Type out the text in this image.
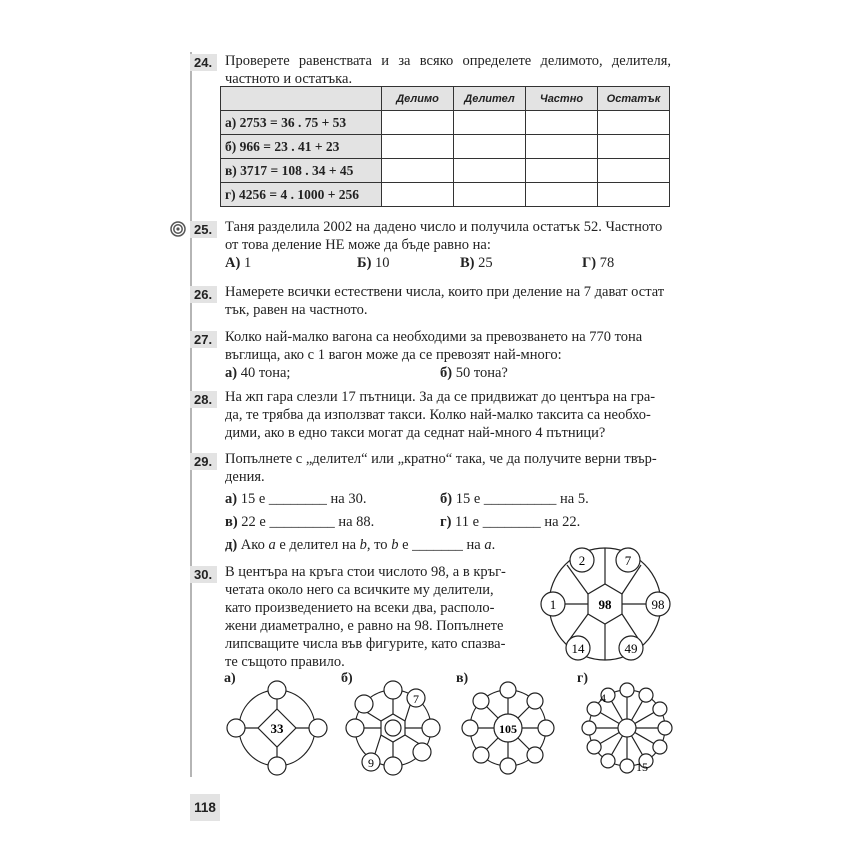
24. Проверете равенствата и за всяко определете делимото, делителя, частното и остатъка.
	Делимо	Делител	Частно	Остатък
а) 2753 = 36 . 75 + 53				
б) 966 = 23 . 41 + 23				
в) 3717 = 108 . 34 + 45				
г) 4256 = 4 . 1000 + 256				
25. Таня разделила 2002 на дадено число и получила остатък 52. Частното
от това деление НЕ може да бъде равно на:
А) 1	Б) 10	В) 25	Г) 78
26. Намерете всички естествени числа, които при деление на 7 дават остат
тък, равен на частното.
27. Колко най-малко вагона са необходими за превозването на 770 тона
въглища, ако с 1 вагон може да се превозят най-много:
а) 40 тона;	б) 50 тона?
28. На жп гара слезли 17 пътници. За да се придвижат до центъра на гра-
да, те трябва да използват такси. Колко най-малко таксита са необхо-
дими, ако в едно такси могат да седнат най-много 4 пътници?
29. Попълнете с „делител“ или „кратно“ така, че да получите верни твър-
дения.
а) 15 е ________ на 30.	б) 15 е __________ на 5.
в) 22 е _________ на 88.	г) 11 е ________ на 22.
д) Ако a е делител на b, то b е _______ на a.
30. В центъра на кръга стои числото 98, а в кръг-
четата около него са всичките му делители,
като произведението на всеки два, располо-
жени диаметрално, е равно на 98. Попълнете
липсващите числа във фигурите, като спазва-
те същото правило.
98
2	7
98
49
14
1
а)	б)	в)	г)
33
7
9
105
4
15
118
